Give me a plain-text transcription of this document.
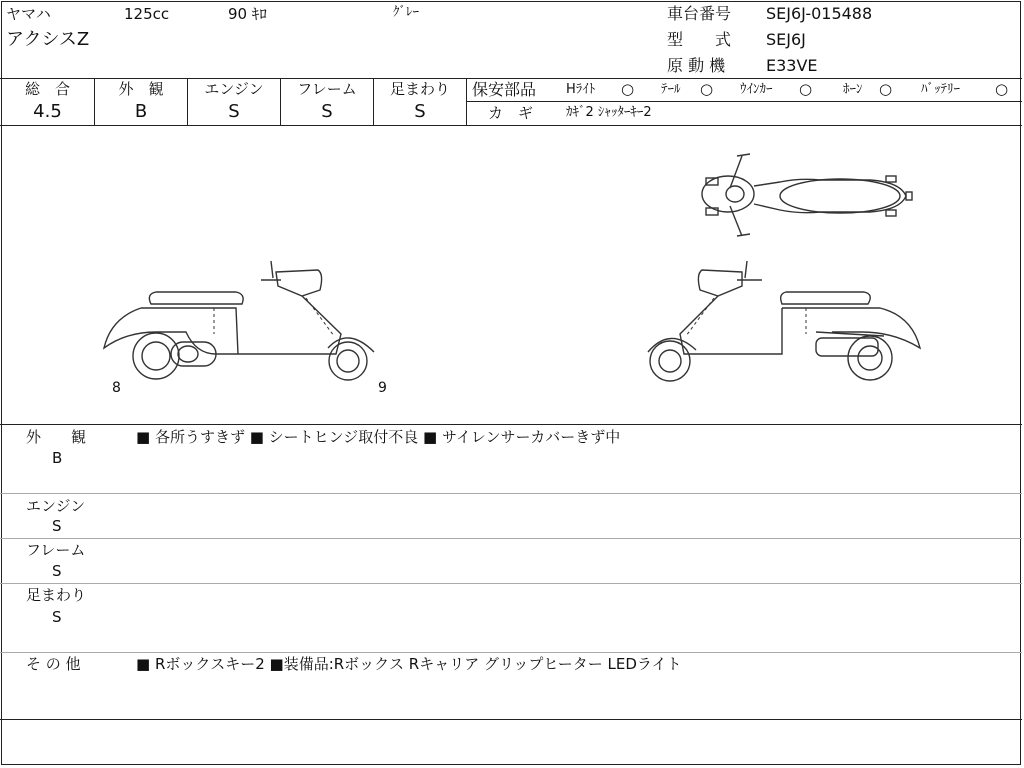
ヤマハ	125cc	90 ｷﾛ	ｸﾞﾚｰ
アクシスZ
車台番号 SEJ6J-015488
型　　式 SEJ6J
原 動 機	E33VE
総　合
4.5
外　観
B
エンジン
S
フレーム
S
足まわり
S
保安部品 Hﾗｲﾄ ○ ﾃｰﾙ ○ ｳｲﾝｶｰ ○ ﾎｰﾝ ○ ﾊﾞｯﾃﾘｰ ○
カ　ギ	ｶｷﾞ2 ｼｬｯﾀｰｷｰ2
8	9
外　　観
B
■ 各所うすきず ■ シートヒンジ取付不良 ■ サイレンサーカバーきず中
エンジン
S
フレーム
S
足まわり
S
そ の 他	■ Rボックスキー2 ■装備品:Rボックス Rキャリア グリップヒーター LEDライト
